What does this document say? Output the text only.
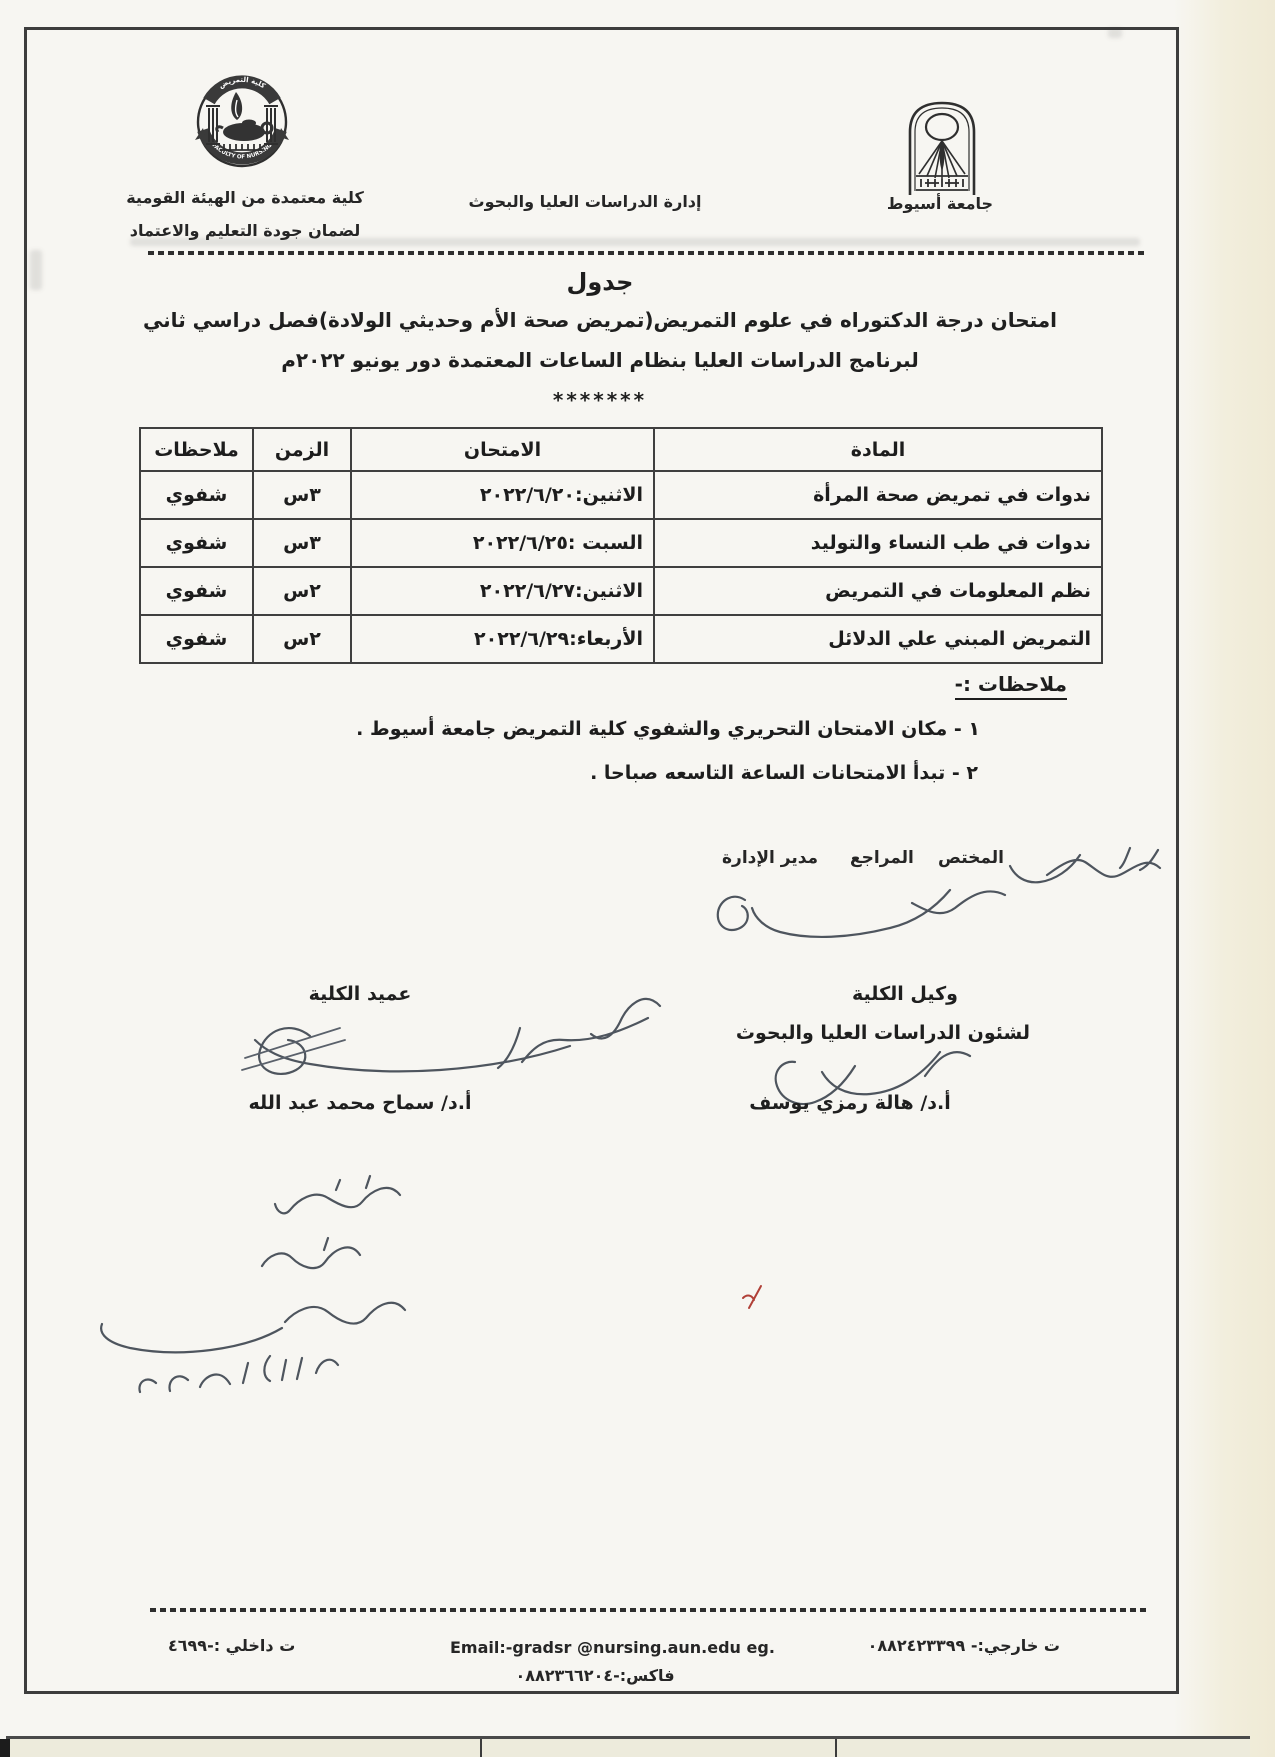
جامعة أسيوط
إدارة الدراسات العليا والبحوث
كلية التمريض
FACULTY OF NURSING
كلية معتمدة من الهيئة القومية
لضمان جودة التعليم والاعتماد
جدول
امتحان درجة الدكتوراه في علوم التمريض(تمريض صحة الأم وحديثي الولادة)فصل دراسي ثاني
لبرنامج الدراسات العليا بنظام الساعات المعتمدة دور يونيو ٢٠٢٢م
*******
المادة	الامتحان	الزمن	ملاحظات
ندوات في تمريض صحة المرأة	الاثنين:٢٠٢٢/٦/٢٠	٣س	شفوي
ندوات في طب النساء والتوليد	السبت :٢٠٢٢/٦/٢٥	٣س	شفوي
نظم المعلومات في التمريض	الاثنين:٢٠٢٢/٦/٢٧	٢س	شفوي
التمريض المبني علي الدلائل	الأربعاء:٢٠٢٢/٦/٢٩	٢س	شفوي
ملاحظات :-
١ - مكان الامتحان التحريري والشفوي كلية التمريض جامعة أسيوط .
٢ - تبدأ الامتحانات الساعة التاسعه صباحا .
المختص
المراجع
مدير الإدارة
وكيل الكلية
لشئون الدراسات العليا والبحوث
أ.د/ هالة رمزي يوسف
عميد الكلية
أ.د/ سماح محمد عبد الله
ت خارجي:- ٠٨٨٢٤٢٣٣٩٩
Email:-gradsr @nursing.aun.edu eg.
فاكس:-٠٨٨٢٣٦٦٢٠٤
ت داخلي :-٤٦٩٩
